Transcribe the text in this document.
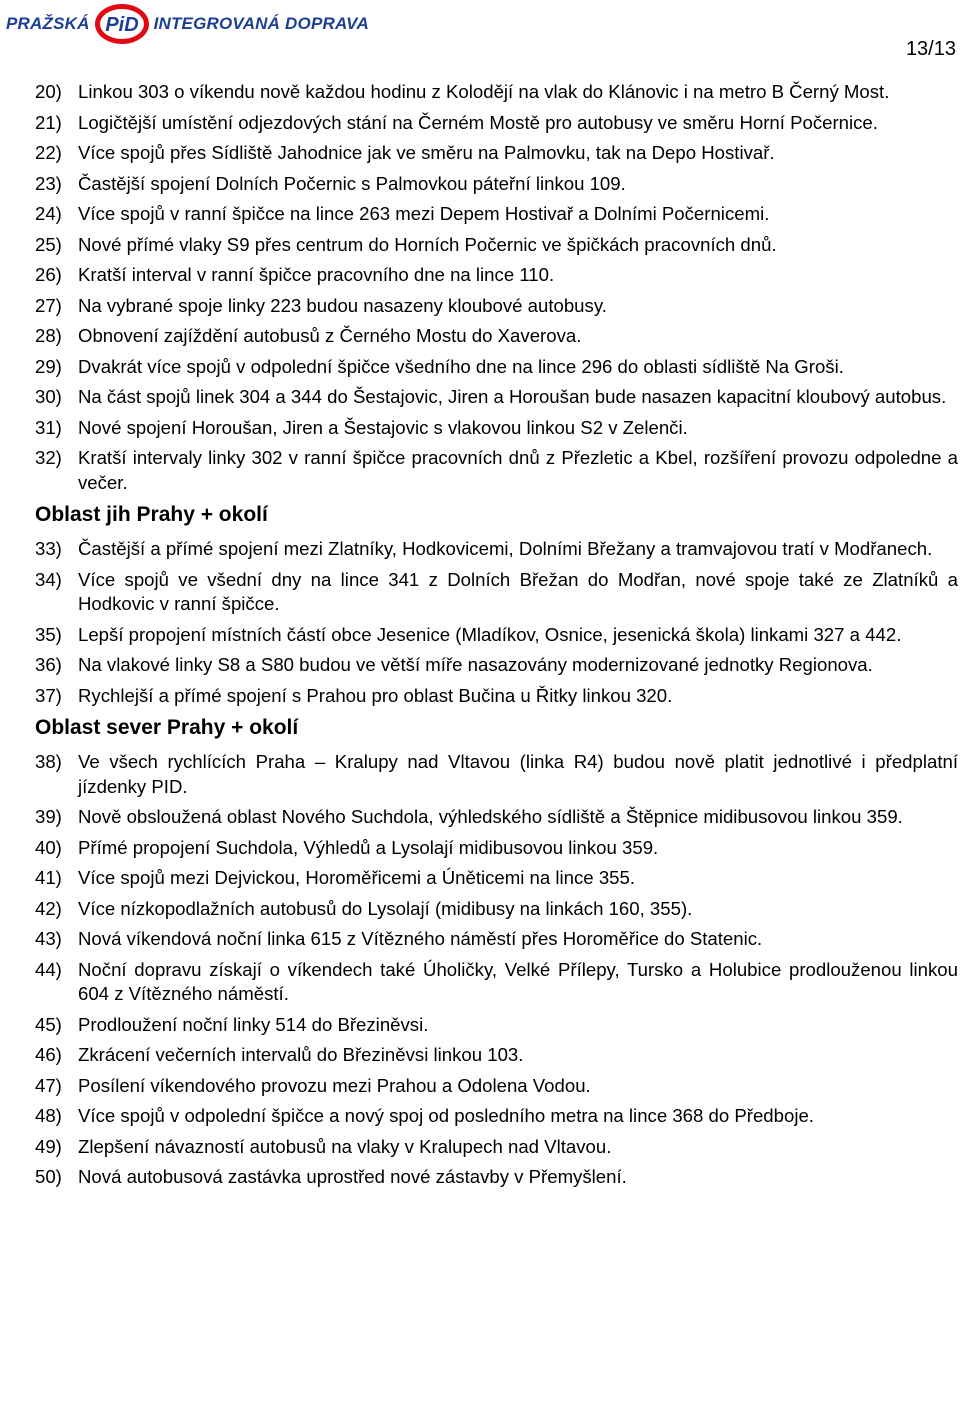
PRAŽSKÁ PiD INTEGROVANÁ DOPRAVA
13/13
20) Linkou 303 o víkendu nově každou hodinu z Kolodějí na vlak do Klánovic i na metro B Černý Most.
21) Logičtější umístění odjezdových stání na Černém Mostě pro autobusy ve směru Horní Počernice.
22) Více spojů přes Sídliště Jahodnice jak ve směru na Palmovku, tak na Depo Hostivař.
23) Častější spojení Dolních Počernic s Palmovkou páteřní linkou 109.
24) Více spojů v ranní špičce na lince 263 mezi Depem Hostivař a Dolními Počernicemi.
25) Nové přímé vlaky S9 přes centrum do Horních Počernic ve špičkách pracovních dnů.
26) Kratší interval v ranní špičce pracovního dne na lince 110.
27) Na vybrané spoje linky 223 budou nasazeny kloubové autobusy.
28) Obnovení zajíždění autobusů z Černého Mostu do Xaverova.
29) Dvakrát více spojů v odpolední špičce všedního dne na lince 296 do oblasti sídliště Na Groši.
30) Na část spojů linek 304 a 344 do Šestajovic, Jiren a Horoušan bude nasazen kapacitní kloubový autobus.
31) Nové spojení Horoušan, Jiren a Šestajovic s vlakovou linkou S2 v Zelenči.
32) Kratší intervaly linky 302 v ranní špičce pracovních dnů z Přezletic a Kbel, rozšíření provozu odpoledne a večer.
Oblast jih Prahy + okolí
33) Častější a přímé spojení mezi Zlatníky, Hodkovicemi, Dolními Břežany a tramvajovou tratí v Modřanech.
34) Více spojů ve všední dny na lince 341 z Dolních Břežan do Modřan, nové spoje také ze Zlatníků a Hodkovic v ranní špičce.
35) Lepší propojení místních částí obce Jesenice (Mladíkov, Osnice, jesenická škola) linkami 327 a 442.
36) Na vlakové linky S8 a S80 budou ve větší míře nasazovány modernizované jednotky Regionova.
37) Rychlejší a přímé spojení s Prahou pro oblast Bučina u Řitky linkou 320.
Oblast sever Prahy + okolí
38) Ve všech rychlících Praha – Kralupy nad Vltavou (linka R4) budou nově platit jednotlivé i předplatní jízdenky PID.
39) Nově obsloužená oblast Nového Suchdola, výhledského sídliště a Štěpnice midibusovou linkou 359.
40) Přímé propojení Suchdola, Výhledů a Lysolají midibusovou linkou 359.
41) Více spojů mezi Dejvickou, Horoměřicemi a Úněticemi na lince 355.
42) Více nízkopodlažních autobusů do Lysolají (midibusy na linkách 160, 355).
43) Nová víkendová noční linka 615 z Vítězného náměstí přes Horoměřice do Statenic.
44) Noční dopravu získají o víkendech také Úholičky, Velké Přílepy, Tursko a Holubice prodlouženou linkou 604 z Vítězného náměstí.
45) Prodloužení noční linky 514 do Březiněvsi.
46) Zkrácení večerních intervalů do Březiněvsi linkou 103.
47) Posílení víkendového provozu mezi Prahou a Odolena Vodou.
48) Více spojů v odpolední špičce a nový spoj od posledního metra na lince 368 do Předboje.
49) Zlepšení návazností autobusů na vlaky v Kralupech nad Vltavou.
50) Nová autobusová zastávka uprostřed nové zástavby v Přemyšlení.
